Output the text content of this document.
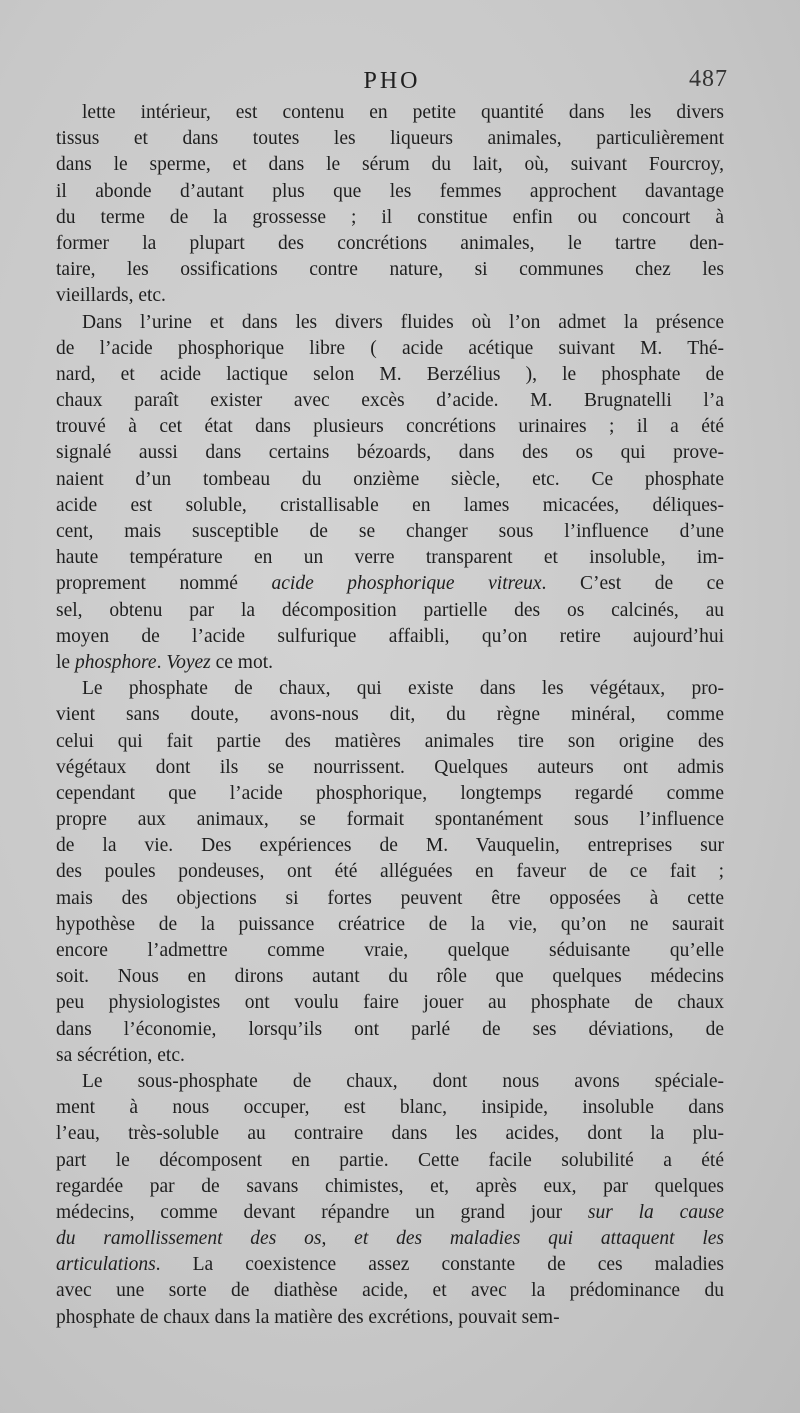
PHO	487
lette intérieur, est contenu en petite quantité dans les divers
tissus et dans toutes les liqueurs animales, particulièrement
dans le sperme, et dans le sérum du lait, où, suivant Fourcroy,
il abonde d’autant plus que les femmes approchent davantage
du terme de la grossesse ; il constitue enfin ou concourt à
former la plupart des concrétions animales, le tartre den-
taire, les ossifications contre nature, si communes chez les
vieillards, etc.
Dans l’urine et dans les divers fluides où l’on admet la présence
de l’acide phosphorique libre ( acide acétique suivant M. Thé-
nard, et acide lactique selon M. Berzélius ), le phosphate de
chaux paraît exister avec excès d’acide. M. Brugnatelli l’a
trouvé à cet état dans plusieurs concrétions urinaires ; il a été
signalé aussi dans certains bézoards, dans des os qui prove-
naient d’un tombeau du onzième siècle, etc. Ce phosphate
acide est soluble, cristallisable en lames micacées, déliques-
cent, mais susceptible de se changer sous l’influence d’une
haute température en un verre transparent et insoluble, im-
proprement nommé acide phosphorique vitreux. C’est de ce
sel, obtenu par la décomposition partielle des os calcinés, au
moyen de l’acide sulfurique affaibli, qu’on retire aujourd’hui
le phosphore. Voyez ce mot.
Le phosphate de chaux, qui existe dans les végétaux, pro-
vient sans doute, avons-nous dit, du règne minéral, comme
celui qui fait partie des matières animales tire son origine des
végétaux dont ils se nourrissent. Quelques auteurs ont admis
cependant que l’acide phosphorique, longtemps regardé comme
propre aux animaux, se formait spontanément sous l’influence
de la vie. Des expériences de M. Vauquelin, entreprises sur
des poules pondeuses, ont été alléguées en faveur de ce fait ;
mais des objections si fortes peuvent être opposées à cette
hypothèse de la puissance créatrice de la vie, qu’on ne saurait
encore l’admettre comme vraie, quelque séduisante qu’elle
soit. Nous en dirons autant du rôle que quelques médecins
peu physiologistes ont voulu faire jouer au phosphate de chaux
dans l’économie, lorsqu’ils ont parlé de ses déviations, de
sa sécrétion, etc.
Le sous-phosphate de chaux, dont nous avons spéciale-
ment à nous occuper, est blanc, insipide, insoluble dans
l’eau, très-soluble au contraire dans les acides, dont la plu-
part le décomposent en partie. Cette facile solubilité a été
regardée par de savans chimistes, et, après eux, par quelques
médecins, comme devant répandre un grand jour sur la cause
du ramollissement des os, et des maladies qui attaquent les
articulations. La coexistence assez constante de ces maladies
avec une sorte de diathèse acide, et avec la prédominance du
phosphate de chaux dans la matière des excrétions, pouvait sem-
